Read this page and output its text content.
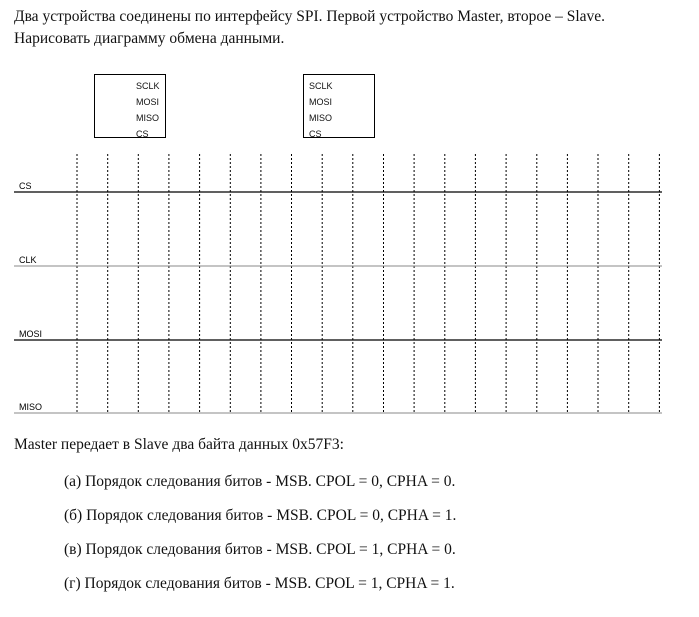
Два устройства соединены по интерфейсу SPI. Первой устройство Master, второе – Slave.
Нарисовать диаграмму обмена данными.
SCLK
MOSI
MISO
CS
SCLK
MOSI
MISO
CS
CS
CLK
MOSI
MISO
Master передает в Slave два байта данных 0x57F3:
(а) Порядок следования битов - MSB. CPOL = 0, CPHA = 0.
(б) Порядок следования битов - MSB. CPOL = 0, CPHA = 1.
(в) Порядок следования битов - MSB. CPOL = 1, CPHA = 0.
(г) Порядок следования битов - MSB. CPOL = 1, CPHA = 1.
